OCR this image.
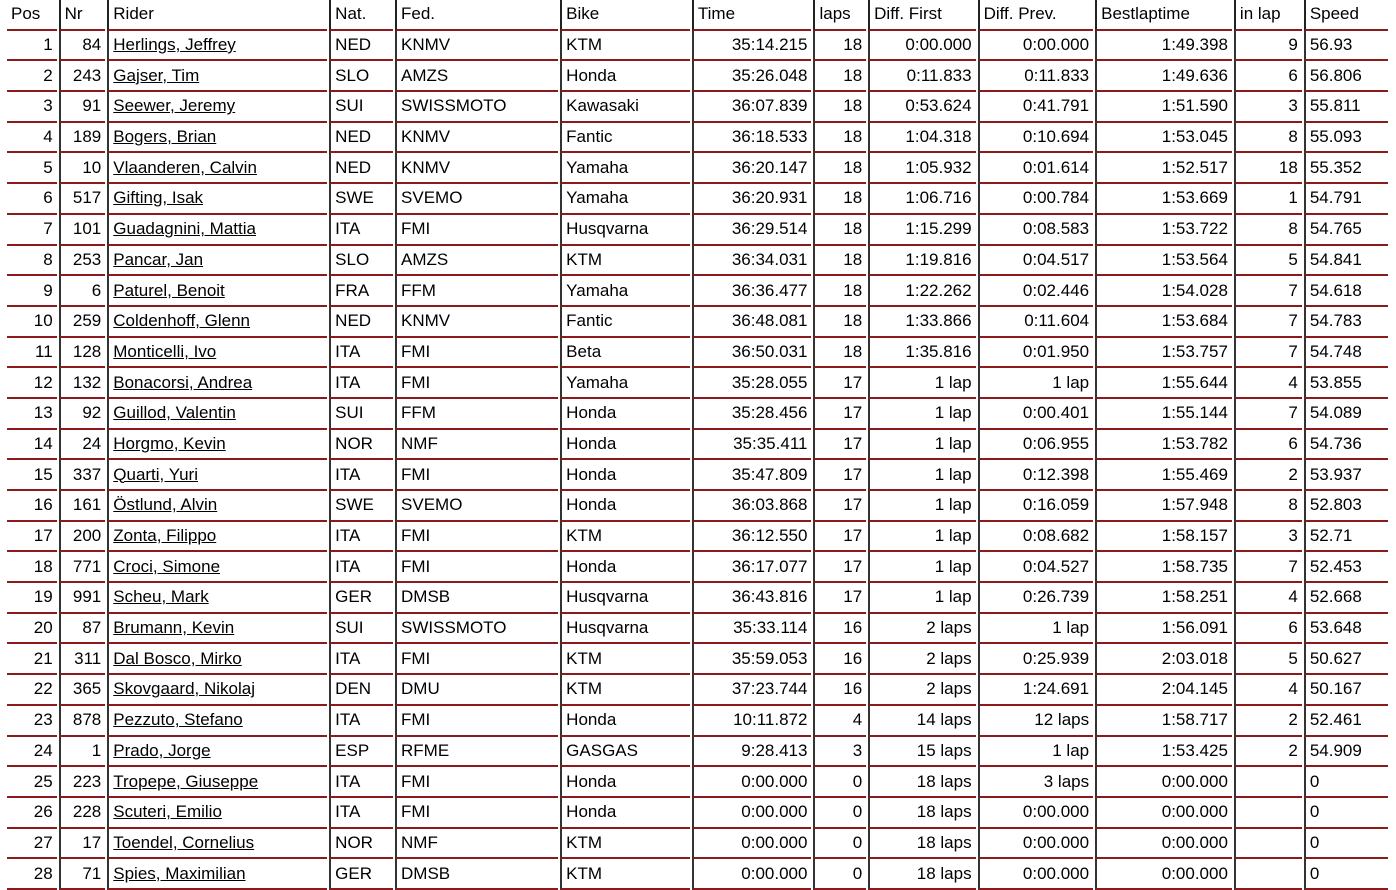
Pos	Nr	Rider	Nat.	Fed.	Bike	Time	laps	Diff. First	Diff. Prev.	Bestlaptime	in lap	Speed
1	84	Herlings, Jeffrey	NED	KNMV	KTM	35:14.215	18	0:00.000	0:00.000	1:49.398	9	56.93
2	243	Gajser, Tim	SLO	AMZS	Honda	35:26.048	18	0:11.833	0:11.833	1:49.636	6	56.806
3	91	Seewer, Jeremy	SUI	SWISSMOTO	Kawasaki	36:07.839	18	0:53.624	0:41.791	1:51.590	3	55.811
4	189	Bogers, Brian	NED	KNMV	Fantic	36:18.533	18	1:04.318	0:10.694	1:53.045	8	55.093
5	10	Vlaanderen, Calvin	NED	KNMV	Yamaha	36:20.147	18	1:05.932	0:01.614	1:52.517	18	55.352
6	517	Gifting, Isak	SWE	SVEMO	Yamaha	36:20.931	18	1:06.716	0:00.784	1:53.669	1	54.791
7	101	Guadagnini, Mattia	ITA	FMI	Husqvarna	36:29.514	18	1:15.299	0:08.583	1:53.722	8	54.765
8	253	Pancar, Jan	SLO	AMZS	KTM	36:34.031	18	1:19.816	0:04.517	1:53.564	5	54.841
9	6	Paturel, Benoit	FRA	FFM	Yamaha	36:36.477	18	1:22.262	0:02.446	1:54.028	7	54.618
10	259	Coldenhoff, Glenn	NED	KNMV	Fantic	36:48.081	18	1:33.866	0:11.604	1:53.684	7	54.783
11	128	Monticelli, Ivo	ITA	FMI	Beta	36:50.031	18	1:35.816	0:01.950	1:53.757	7	54.748
12	132	Bonacorsi, Andrea	ITA	FMI	Yamaha	35:28.055	17	1 lap	1 lap	1:55.644	4	53.855
13	92	Guillod, Valentin	SUI	FFM	Honda	35:28.456	17	1 lap	0:00.401	1:55.144	7	54.089
14	24	Horgmo, Kevin	NOR	NMF	Honda	35:35.411	17	1 lap	0:06.955	1:53.782	6	54.736
15	337	Quarti, Yuri	ITA	FMI	Honda	35:47.809	17	1 lap	0:12.398	1:55.469	2	53.937
16	161	Östlund, Alvin	SWE	SVEMO	Honda	36:03.868	17	1 lap	0:16.059	1:57.948	8	52.803
17	200	Zonta, Filippo	ITA	FMI	KTM	36:12.550	17	1 lap	0:08.682	1:58.157	3	52.71
18	771	Croci, Simone	ITA	FMI	Honda	36:17.077	17	1 lap	0:04.527	1:58.735	7	52.453
19	991	Scheu, Mark	GER	DMSB	Husqvarna	36:43.816	17	1 lap	0:26.739	1:58.251	4	52.668
20	87	Brumann, Kevin	SUI	SWISSMOTO	Husqvarna	35:33.114	16	2 laps	1 lap	1:56.091	6	53.648
21	311	Dal Bosco, Mirko	ITA	FMI	KTM	35:59.053	16	2 laps	0:25.939	2:03.018	5	50.627
22	365	Skovgaard, Nikolaj	DEN	DMU	KTM	37:23.744	16	2 laps	1:24.691	2:04.145	4	50.167
23	878	Pezzuto, Stefano	ITA	FMI	Honda	10:11.872	4	14 laps	12 laps	1:58.717	2	52.461
24	1	Prado, Jorge	ESP	RFME	GASGAS	9:28.413	3	15 laps	1 lap	1:53.425	2	54.909
25	223	Tropepe, Giuseppe	ITA	FMI	Honda	0:00.000	0	18 laps	3 laps	0:00.000		0
26	228	Scuteri, Emilio	ITA	FMI	Honda	0:00.000	0	18 laps	0:00.000	0:00.000		0
27	17	Toendel, Cornelius	NOR	NMF	KTM	0:00.000	0	18 laps	0:00.000	0:00.000		0
28	71	Spies, Maximilian	GER	DMSB	KTM	0:00.000	0	18 laps	0:00.000	0:00.000		0
